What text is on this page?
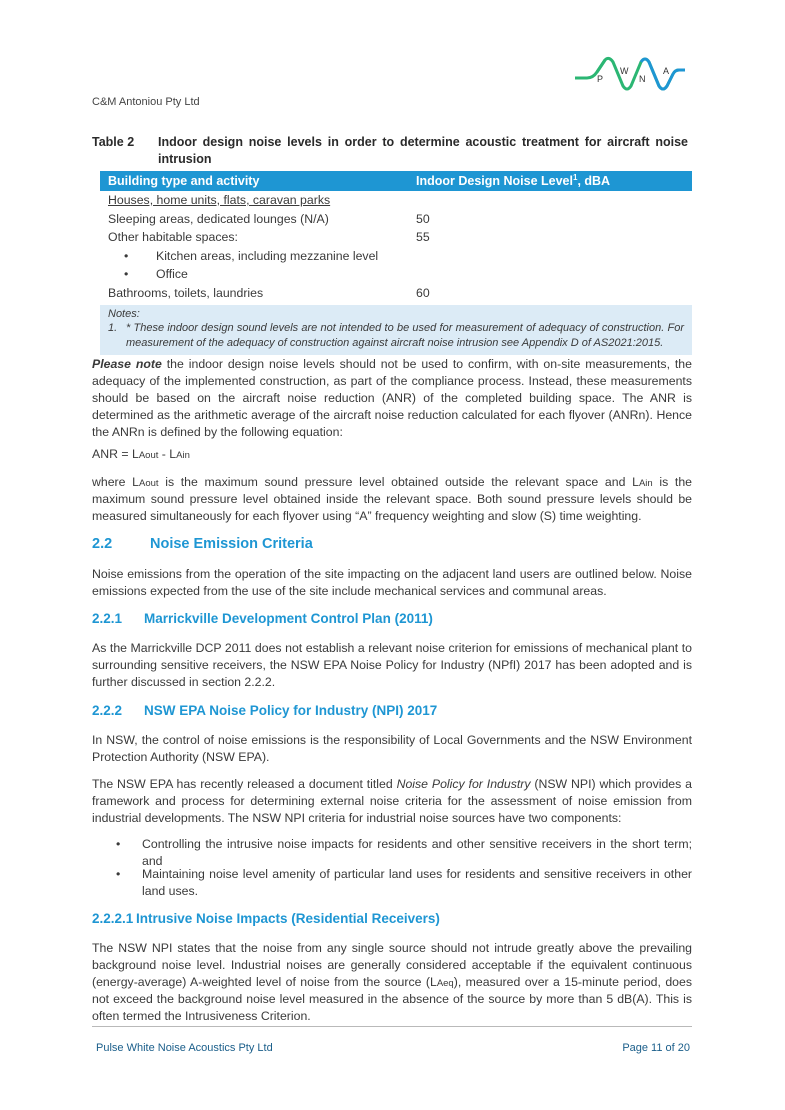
P
W
N
A
C&M Antoniou Pty Ltd
Table 2 Indoor design noise levels in order to determine acoustic treatment for aircraft noise intrusion
Building type and activity	Indoor Design Noise Level$^1$, dBA
Houses, home units, flats, caravan parks
Sleeping areas, dedicated lounges (N/A)	50
Other habitable spaces:	55
• Kitchen areas, including mezzanine level
• Office
Bathrooms, toilets, laundries	60
Notes:
1. * These indoor design sound levels are not intended to be used for measurement of adequacy of construction. For measurement of the adequacy of construction against aircraft noise intrusion see Appendix D of AS2021:2015.
Please note the indoor design noise levels should not be used to confirm, with on-site measurements, the adequacy of the implemented construction, as part of the compliance process. Instead, these measurements should be based on the aircraft noise reduction (ANR) of the completed building space. The ANR is determined as the arithmetic average of the aircraft noise reduction calculated for each flyover (ANRn). Hence the ANRn is defined by the following equation:
ANR = LAout - LAin
where LAout is the maximum sound pressure level obtained outside the relevant space and LAin is the maximum sound pressure level obtained inside the relevant space. Both sound pressure levels should be measured simultaneously for each flyover using “A” frequency weighting and slow (S) time weighting.
2.2	Noise Emission Criteria
Noise emissions from the operation of the site impacting on the adjacent land users are outlined below. Noise emissions expected from the use of the site include mechanical services and communal areas.
2.2.1 Marrickville Development Control Plan (2011)
As the Marrickville DCP 2011 does not establish a relevant noise criterion for emissions of mechanical plant to surrounding sensitive receivers, the NSW EPA Noise Policy for Industry (NPfI) 2017 has been adopted and is further discussed in section 2.2.2.
2.2.2 NSW EPA Noise Policy for Industry (NPI) 2017
In NSW, the control of noise emissions is the responsibility of Local Governments and the NSW Environment Protection Authority (NSW EPA).
The NSW EPA has recently released a document titled Noise Policy for Industry (NSW NPI) which provides a framework and process for determining external noise criteria for the assessment of noise emission from industrial developments. The NSW NPI criteria for industrial noise sources have two components:
• Controlling the intrusive noise impacts for residents and other sensitive receivers in the short term; and
• Maintaining noise level amenity of particular land uses for residents and sensitive receivers in other land uses.
2.2.2.1 Intrusive Noise Impacts (Residential Receivers)
The NSW NPI states that the noise from any single source should not intrude greatly above the prevailing background noise level. Industrial noises are generally considered acceptable if the equivalent continuous (energy-average) A-weighted level of noise from the source (LAeq), measured over a 15-minute period, does not exceed the background noise level measured in the absence of the source by more than 5 dB(A). This is often termed the Intrusiveness Criterion.
Pulse White Noise Acoustics Pty Ltd	Page 11 of 20
